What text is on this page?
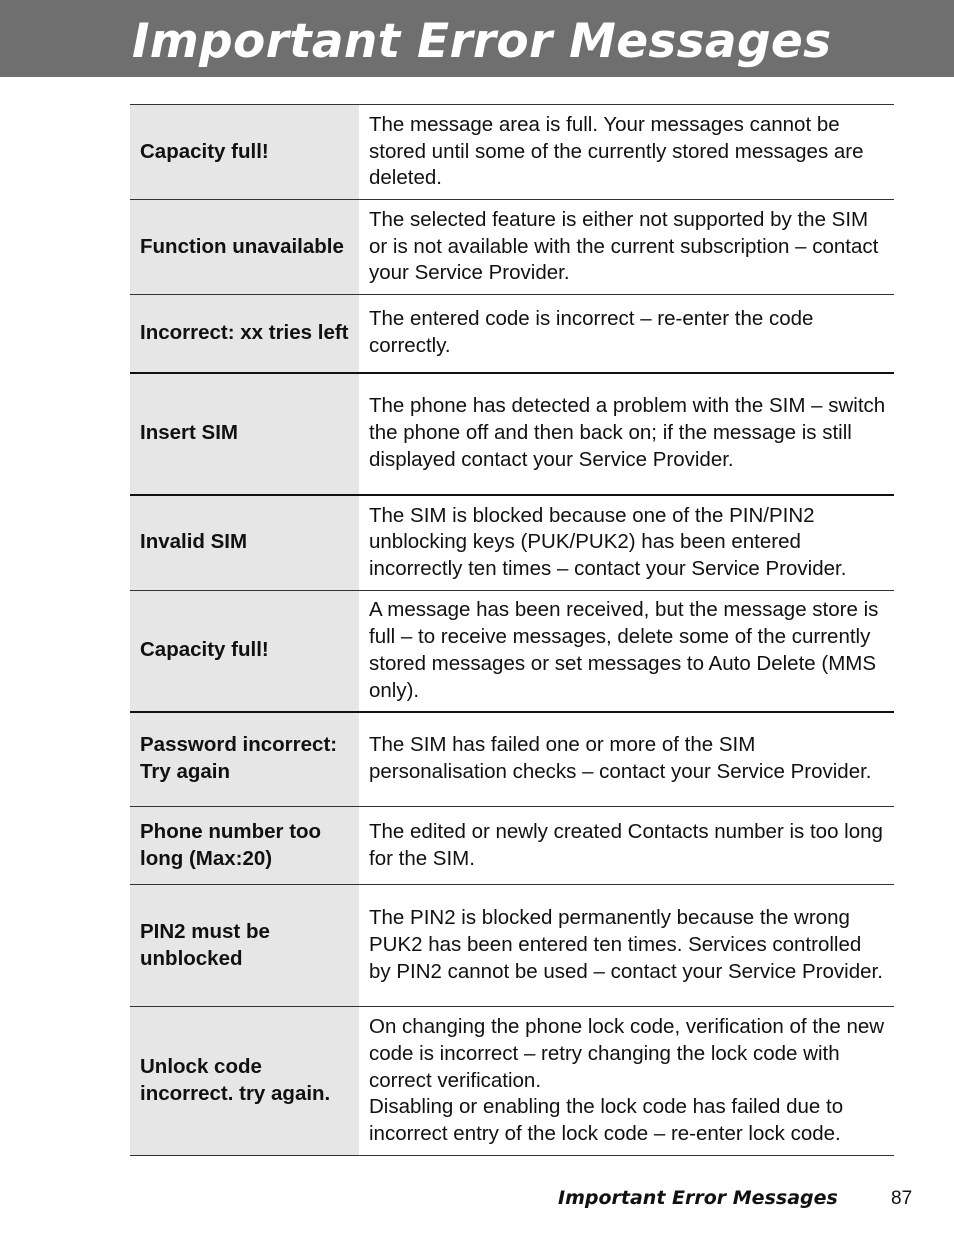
Important Error Messages
Capacity full!	The message area is full. Your messages cannot be stored until some of the currently stored messages are deleted.
Function unavailable	The selected feature is either not supported by the SIM or is not available with the current subscription – contact your Service Provider.
Incorrect: xx tries left	The entered code is incorrect – re-enter the code correctly.
Insert SIM	The phone has detected a problem with the SIM – switch the phone off and then back on; if the message is still displayed contact your Service Provider.
Invalid SIM	The SIM is blocked because one of the PIN/PIN2 unblocking keys (PUK/PUK2) has been entered incorrectly ten times – contact your Service Provider.
Capacity full!	A message has been received, but the message store is full – to receive messages, delete some of the currently stored messages or set messages to Auto Delete (MMS only).
Password incorrect: Try again	The SIM has failed one or more of the SIM personalisation checks – contact your Service Provider.
Phone number too long (Max:20)	The edited or newly created Contacts number is too long for the SIM.
PIN2 must be unblocked	The PIN2 is blocked permanently because the wrong PUK2 has been entered ten times. Services controlled by PIN2 cannot be used – contact your Service Provider.
Unlock code incorrect. try again.	On changing the phone lock code, verification of the new code is incorrect – retry changing the lock code with correct verification.
Disabling or enabling the lock code has failed due to incorrect entry of the lock code – re-enter lock code.
Important Error Messages	87
